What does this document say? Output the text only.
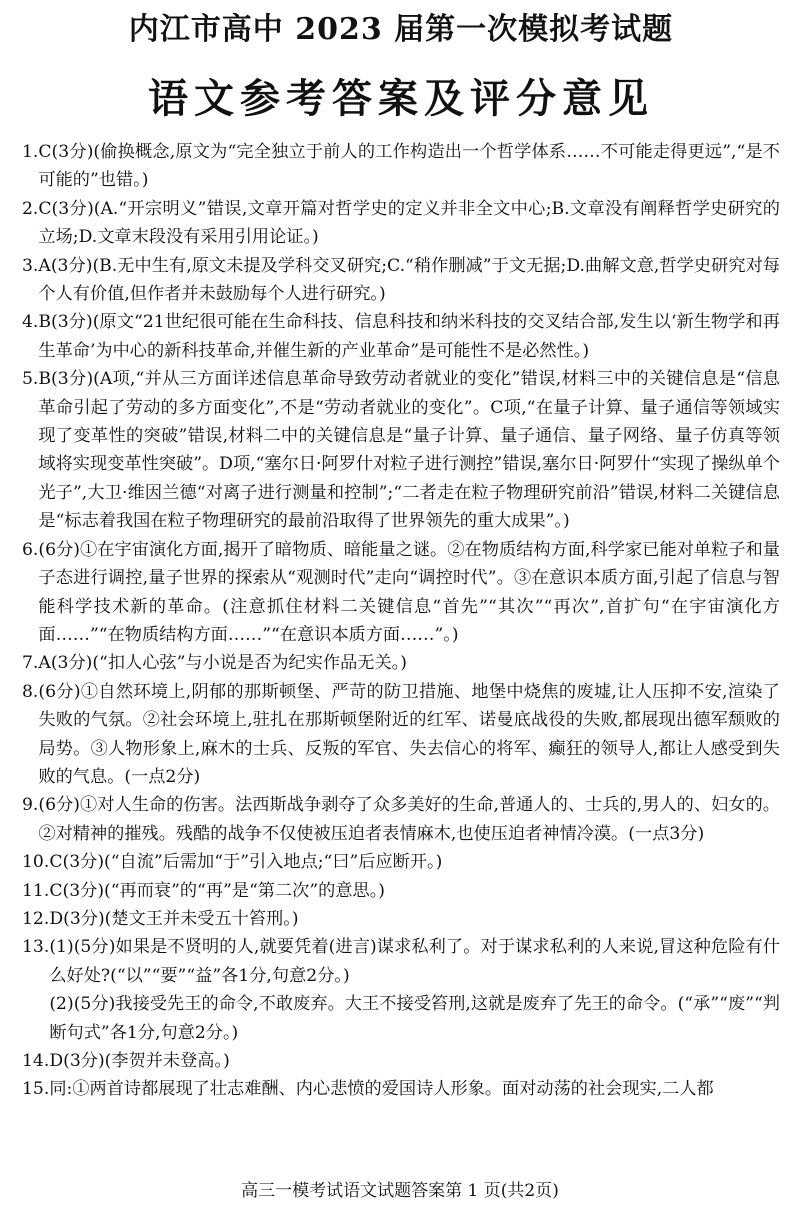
内江市高中 2023 届第一次模拟考试题
语文参考答案及评分意见
1. C(3分)(偷换概念,原文为“完全独立于前人的工作构造出一个哲学体系……不可能走得更远”,“是不可能的”也错。)
2. C(3分)(A.“开宗明义”错误,文章开篇对哲学史的定义并非全文中心;B.文章没有阐释哲学史研究的立场;D.文章末段没有采用引用论证。)
3. A(3分)(B.无中生有,原文未提及学科交叉研究;C.“稍作删减”于文无据;D.曲解文意,哲学史研究对每个人有价值,但作者并未鼓励每个人进行研究。)
4. B(3分)(原文“21世纪很可能在生命科技、信息科技和纳米科技的交叉结合部,发生以‘新生物学和再生革命’为中心的新科技革命,并催生新的产业革命”是可能性不是必然性。)
5. B(3分)(A项,“并从三方面详述信息革命导致劳动者就业的变化”错误,材料三中的关键信息是“信息革命引起了劳动的多方面变化”,不是“劳动者就业的变化”。C项,“在量子计算、量子通信等领域实现了变革性的突破”错误,材料二中的关键信息是“量子计算、量子通信、量子网络、量子仿真等领域将实现变革性突破”。D项,“塞尔日·阿罗什对粒子进行测控”错误,塞尔日·阿罗什“实现了操纵单个光子”,大卫·维因兰德“对离子进行测量和控制”;“二者走在粒子物理研究前沿”错误,材料二关键信息是“标志着我国在粒子物理研究的最前沿取得了世界领先的重大成果”。)
6. (6分)①在宇宙演化方面,揭开了暗物质、暗能量之谜。②在物质结构方面,科学家已能对单粒子和量子态进行调控,量子世界的探索从“观测时代”走向“调控时代”。③在意识本质方面,引起了信息与智能科学技术新的革命。(注意抓住材料二关键信息“首先”“其次”“再次”,首扩句“在宇宙演化方面……”“在物质结构方面……”“在意识本质方面……”。)
7. A(3分)(“扣人心弦”与小说是否为纪实作品无关。)
8. (6分)①自然环境上,阴郁的那斯顿堡、严苛的防卫措施、地堡中烧焦的废墟,让人压抑不安,渲染了失败的气氛。②社会环境上,驻扎在那斯顿堡附近的红军、诺曼底战役的失败,都展现出德军颓败的局势。③人物形象上,麻木的士兵、反叛的军官、失去信心的将军、癫狂的领导人,都让人感受到失败的气息。(一点2分)
9. (6分)①对人生命的伤害。法西斯战争剥夺了众多美好的生命,普通人的、士兵的,男人的、妇女的。②对精神的摧残。残酷的战争不仅使被压迫者表情麻木,也使压迫者神情冷漠。(一点3分)
10. C(3分)(“自流”后需加“于”引入地点;“曰”后应断开。)
11. C(3分)(“再而衰”的“再”是“第二次”的意思。)
12. D(3分)(楚文王并未受五十笞刑。)
13. (1)(5分)如果是不贤明的人,就要凭着(进言)谋求私利了。对于谋求私利的人来说,冒这种危险有什么好处?(“以”“要”“益”各1分,句意2分。)
(2)(5分)我接受先王的命令,不敢废弃。大王不接受笞刑,这就是废弃了先王的命令。(“承”“废”“判断句式”各1分,句意2分。)
14. D(3分)(李贺并未登高。)
15. 同:①两首诗都展现了壮志难酬、内心悲愤的爱国诗人形象。面对动荡的社会现实,二人都
高三一模考试语文试题答案第 1 页(共2页)
